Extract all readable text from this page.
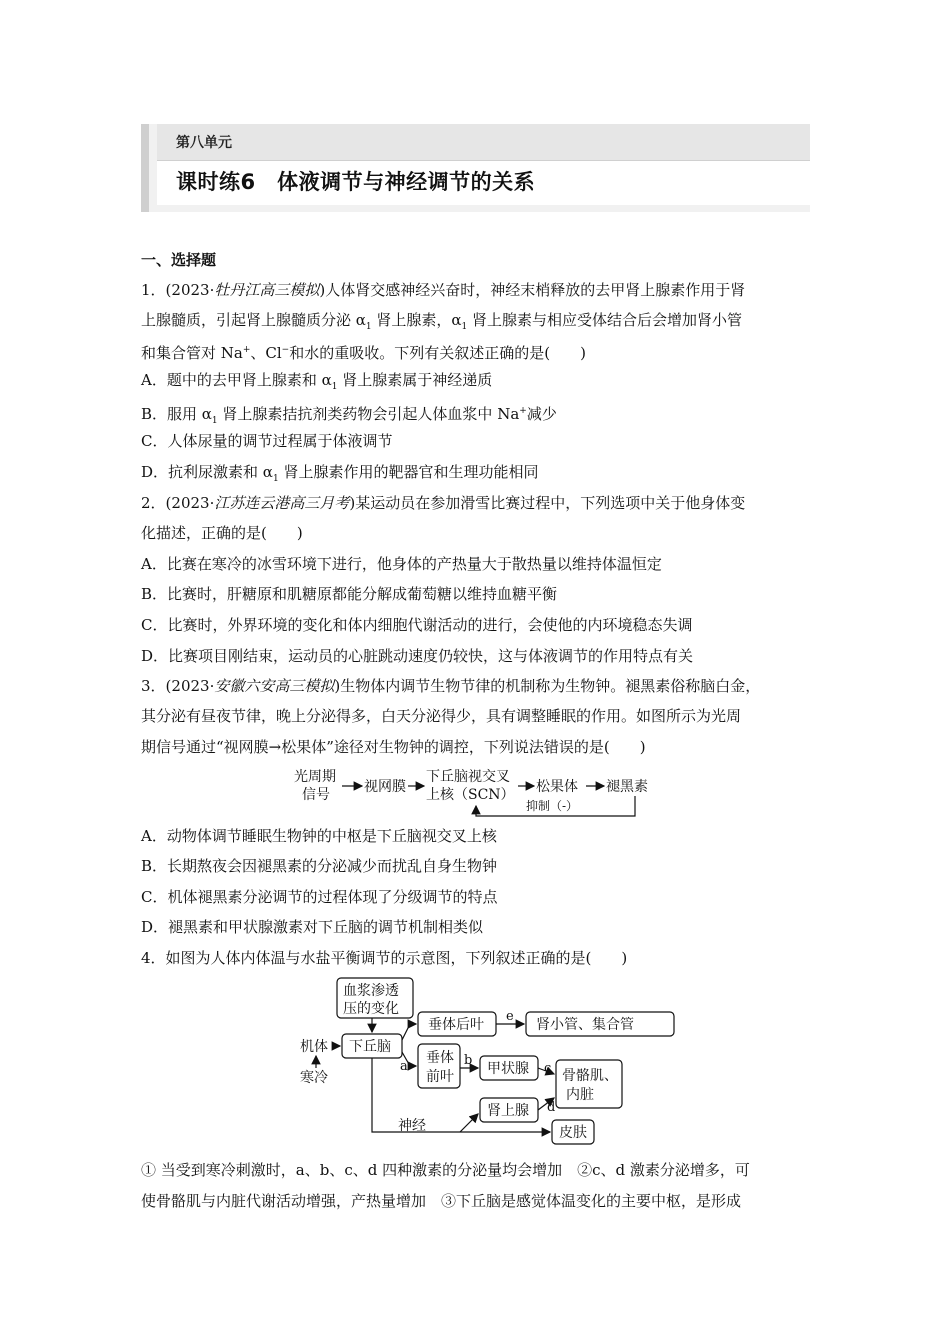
第八单元
课时练6　体液调节与神经调节的关系
一、选择题
1．(2023·牡丹江高三模拟)人体肾交感神经兴奋时，神经末梢释放的去甲肾上腺素作用于肾
上腺髓质，引起肾上腺髓质分泌 $\alpha_1$ 肾上腺素，$\alpha_1$ 肾上腺素与相应受体结合后会增加肾小管
和集合管对 Na+、Cl−和水的重吸收。下列有关叙述正确的是(　　)
A．题中的去甲肾上腺素和 $\alpha_1$ 肾上腺素属于神经递质
B．服用 $\alpha_1$ 肾上腺素拮抗剂类药物会引起人体血浆中 Na+减少
C．人体尿量的调节过程属于体液调节
D．抗利尿激素和 $\alpha_1$ 肾上腺素作用的靶器官和生理功能相同
2．(2023·江苏连云港高三月考)某运动员在参加滑雪比赛过程中，下列选项中关于他身体变
化描述，正确的是(　　)
A．比赛在寒冷的冰雪环境下进行，他身体的产热量大于散热量以维持体温恒定
B．比赛时，肝糖原和肌糖原都能分解成葡萄糖以维持血糖平衡
C．比赛时，外界环境的变化和体内细胞代谢活动的进行，会使他的内环境稳态失调
D．比赛项目刚结束，运动员的心脏跳动速度仍较快，这与体液调节的作用特点有关
3．(2023·安徽六安高三模拟)生物体内调节生物节律的机制称为生物钟。褪黑素俗称脑白金，
其分泌有昼夜节律，晚上分泌得多，白天分泌得少，具有调整睡眠的作用。如图所示为光周
期信号通过“视网膜→松果体”途径对生物钟的调控，下列说法错误的是(　　)
光周期
信号 视网膜
下丘脑视交叉
上核（SCN） 松果体 褪黑素
抑制（-）
A．动物体调节睡眠生物钟的中枢是下丘脑视交叉上核
B．长期熬夜会因褪黑素的分泌减少而扰乱自身生物钟
C．机体褪黑素分泌调节的过程体现了分级调节的特点
D．褪黑素和甲状腺激素对下丘脑的调节机制相类似
4．如图为人体内体温与水盐平衡调节的示意图，下列叙述正确的是(　　)
血浆渗透
压的变化
下丘脑
垂体后叶	肾小管、集合管
垂体
前叶 甲状腺 骨骼肌、
内脏
肾上腺
皮肤
机体
寒冷
神经
a	b
c
d
e
① 当受到寒冷刺激时，a、b、c、d 四种激素的分泌量均会增加　②c、d 激素分泌增多，可
使骨骼肌与内脏代谢活动增强，产热量增加　③下丘脑是感觉体温变化的主要中枢，是形成
